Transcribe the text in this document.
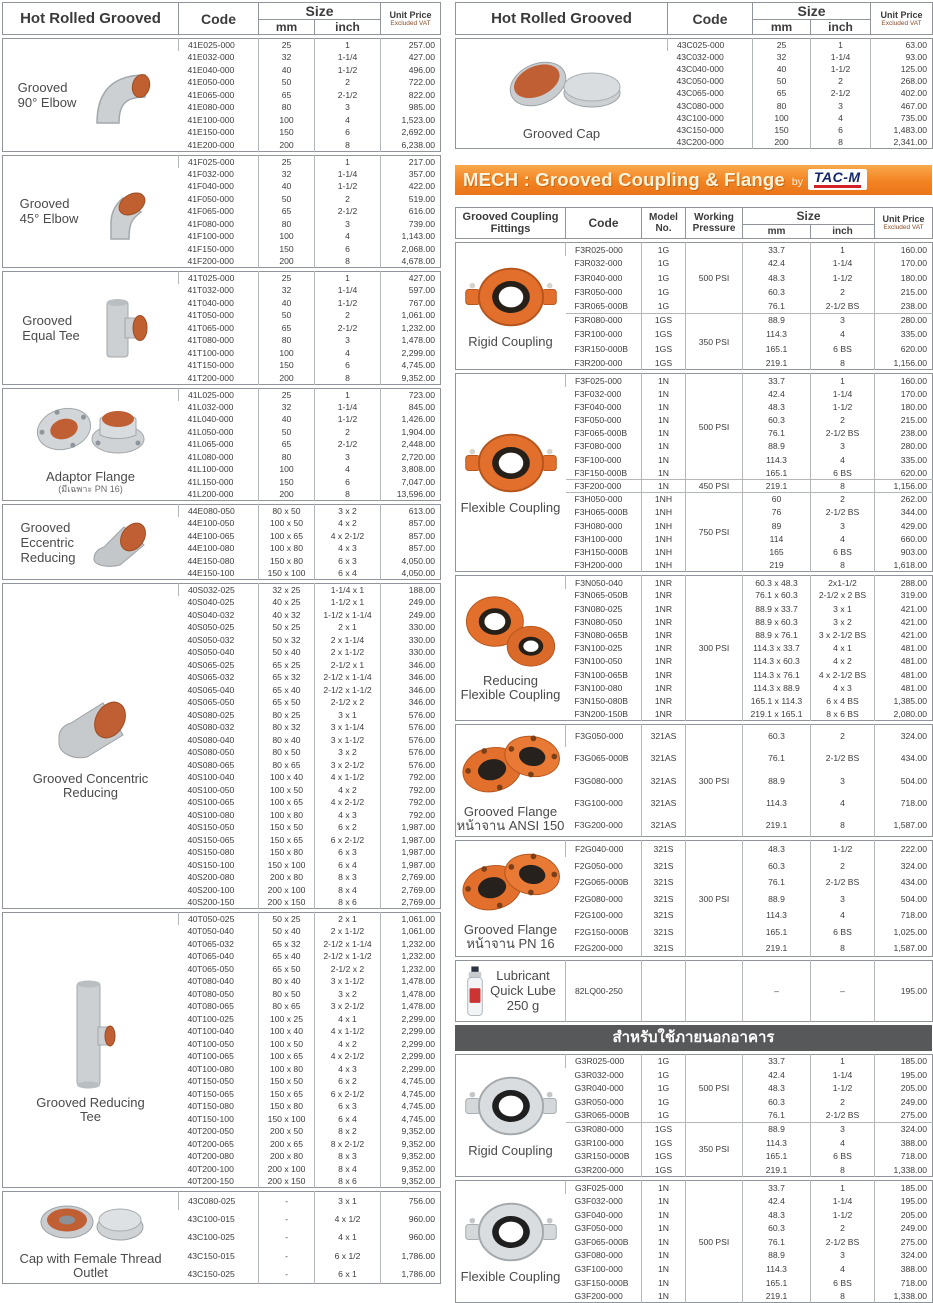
Hot Rolled Grooved	Code	Size		Unit Price
Excluded VAT

		mm	inch	
Grooved
90° Elbow	41E025-000	25	1	257.00
	41E032-000	32	1-1/4	427.00
	41E040-000	40	1-1/2	496.00
	41E050-000	50	2	722.00
	41E065-000	65	2-1/2	822.00
	41E080-000	80	3	985.00
	41E100-000	100	4	1,523.00
	41E150-000	150	6	2,692.00
	41E200-000	200	8	6,238.00
Grooved
45° Elbow	41F025-000	25	1	217.00
	41F032-000	32	1-1/4	357.00
	41F040-000	40	1-1/2	422.00
	41F050-000	50	2	519.00
	41F065-000	65	2-1/2	616.00
	41F080-000	80	3	739.00
	41F100-000	100	4	1,143.00
	41F150-000	150	6	2,068.00
	41F200-000	200	8	4,678.00
Grooved
Equal Tee	41T025-000	25	1	427.00
	41T032-000	32	1-1/4	597.00
	41T040-000	40	1-1/2	767.00
	41T050-000	50	2	1,061.00
	41T065-000	65	2-1/2	1,232.00
	41T080-000	80	3	1,478.00
	41T100-000	100	4	2,299.00
	41T150-000	150	6	4,745.00
	41T200-000	200	8	9,352.00
Adaptor Flange
(มีเฉพาะ PN 16)	41L025-000	25	1	723.00
	41L032-000	32	1-1/4	845.00
	41L040-000	40	1-1/2	1,426.00
	41L050-000	50	2	1,904.00
	41L065-000	65	2-1/2	2,448.00
	41L080-000	80	3	2,720.00
	41L100-000	100	4	3,808.00
	41L150-000	150	6	7,047.00
	41L200-000	200	8	13,596.00
Grooved
Eccentric
Reducing	44E080-050	80 x 50	3 x 2	613.00
	44E100-050	100 x 50	4 x 2	857.00
	44E100-065	100 x 65	4 x 2-1/2	857.00
	44E100-080	100 x 80	4 x 3	857.00
	44E150-080	150 x 80	6 x 3	4,050.00
	44E150-100	150 x 100	6 x 4	4,050.00
Grooved Concentric
Reducing	40S032-025	32 x 25	1-1/4 x 1	188.00
	40S040-025	40 x 25	1-1/2 x 1	249.00
	40S040-032	40 x 32	1-1/2 x 1-1/4	249.00
	40S050-025	50 x 25	2 x 1	330.00
	40S050-032	50 x 32	2 x 1-1/4	330.00
	40S050-040	50 x 40	2 x 1-1/2	330.00
	40S065-025	65 x 25	2-1/2 x 1	346.00
	40S065-032	65 x 32	2-1/2 x 1-1/4	346.00
	40S065-040	65 x 40	2-1/2 x 1-1/2	346.00
	40S065-050	65 x 50	2-1/2 x 2	346.00
	40S080-025	80 x 25	3 x 1	576.00
	40S080-032	80 x 32	3 x 1-1/4	576.00
	40S080-040	80 x 40	3 x 1-1/2	576.00
	40S080-050	80 x 50	3 x 2	576.00
	40S080-065	80 x 65	3 x 2-1/2	576.00
	40S100-040	100 x 40	4 x 1-1/2	792.00
	40S100-050	100 x 50	4 x 2	792.00
	40S100-065	100 x 65	4 x 2-1/2	792.00
	40S100-080	100 x 80	4 x 3	792.00
	40S150-050	150 x 50	6 x 2	1,987.00
	40S150-065	150 x 65	6 x 2-1/2	1,987.00
	40S150-080	150 x 80	6 x 3	1,987.00
	40S150-100	150 x 100	6 x 4	1,987.00
	40S200-080	200 x 80	8 x 3	2,769.00
	40S200-100	200 x 100	8 x 4	2,769.00
	40S200-150	200 x 150	8 x 6	2,769.00
Grooved Reducing
Tee	40T050-025	50 x 25	2 x 1	1,061.00
	40T050-040	50 x 40	2 x 1-1/2	1,061.00
	40T065-032	65 x 32	2-1/2 x 1-1/4	1,232.00
	40T065-040	65 x 40	2-1/2 x 1-1/2	1,232.00
	40T065-050	65 x 50	2-1/2 x 2	1,232.00
	40T080-040	80 x 40	3 x 1-1/2	1,478.00
	40T080-050	80 x 50	3 x 2	1,478.00
	40T080-065	80 x 65	3 x 2-1/2	1,478.00
	40T100-025	100 x 25	4 x 1	2,299.00
	40T100-040	100 x 40	4 x 1-1/2	2,299.00
	40T100-050	100 x 50	4 x 2	2,299.00
	40T100-065	100 x 65	4 x 2-1/2	2,299.00
	40T100-080	100 x 80	4 x 3	2,299.00
	40T150-050	150 x 50	6 x 2	4,745.00
	40T150-065	150 x 65	6 x 2-1/2	4,745.00
	40T150-080	150 x 80	6 x 3	4,745.00
	40T150-100	150 x 100	6 x 4	4,745.00
	40T200-050	200 x 50	8 x 2	9,352.00
	40T200-065	200 x 65	8 x 2-1/2	9,352.00
	40T200-080	200 x 80	8 x 3	9,352.00
	40T200-100	200 x 100	8 x 4	9,352.00
	40T200-150	200 x 150	8 x 6	9,352.00
Cap with Female Thread
Outlet	43C080-025	-	3 x 1	756.00
	43C100-015	-	4 x 1/2	960.00
	43C100-025	-	4 x 1	960.00
	43C150-015	-	6 x 1/2	1,786.00
	43C150-025	-	6 x 1	1,786.00
Hot Rolled Grooved	Code	Size		Unit Price
Excluded VAT

		mm	inch	
Grooved Cap	43C025-000	25	1	63.00
	43C032-000	32	1-1/4	93.00
	43C040-000	40	1-1/2	125.00
	43C050-000	50	2	268.00
	43C065-000	65	2-1/2	402.00
	43C080-000	80	3	467.00
	43C100-000	100	4	735.00
	43C150-000	150	6	1,483.00
	43C200-000	200	8	2,341.00
MECH : Grooved Coupling & Flange by TAC-M
Grooved Coupling Fittings	Code	Model No.	Working Pressure	Size		Unit Price
Excluded VAT

				mm	inch	
Rigid Coupling	F3R025-000	1G	500 PSI	33.7	1	160.00
	F3R032-000	1G		42.4	1-1/4	170.00
	F3R040-000	1G		48.3	1-1/2	180.00
	F3R050-000	1G		60.3	2	215.00
	F3R065-000B	1G		76.1	2-1/2 BS	238.00
	F3R080-000	1GS	350 PSI	88.9	3	280.00
	F3R100-000	1GS		114.3	4	335.00
	F3R150-000B	1GS		165.1	6 BS	620.00
	F3R200-000	1GS		219.1	8	1,156.00
Flexible Coupling	F3F025-000	1N	500 PSI	33.7	1	160.00
	F3F032-000	1N		42.4	1-1/4	170.00
	F3F040-000	1N		48.3	1-1/2	180.00
	F3F050-000	1N		60.3	2	215.00
	F3F065-000B	1N		76.1	2-1/2 BS	238.00
	F3F080-000	1N		88.9	3	280.00
	F3F100-000	1N		114.3	4	335.00
	F3F150-000B	1N		165.1	6 BS	620.00
	F3F200-000	1N	450 PSI	219.1	8	1,156.00
	F3H050-000	1NH	750 PSI	60	2	262.00
	F3H065-000B	1NH		76	2-1/2 BS	344.00
	F3H080-000	1NH		89	3	429.00
	F3H100-000	1NH		114	4	660.00
	F3H150-000B	1NH		165	6 BS	903.00
	F3H200-000	1NH		219	8	1,618.00
Reducing
Flexible Coupling	F3N050-040	1NR	300 PSI	60.3 x 48.3	2x1-1/2	288.00
	F3N065-050B	1NR		76.1 x 60.3	2-1/2 x 2 BS	319.00
	F3N080-025	1NR		88.9 x 33.7	3 x 1	421.00
	F3N080-050	1NR		88.9 x 60.3	3 x 2	421.00
	F3N080-065B	1NR		88.9 x 76.1	3 x 2-1/2 BS	421.00
	F3N100-025	1NR		114.3 x 33.7	4 x 1	481.00
	F3N100-050	1NR		114.3 x 60.3	4 x 2	481.00
	F3N100-065B	1NR		114.3 x 76.1	4 x 2-1/2 BS	481.00
	F3N100-080	1NR		114.3 x 88.9	4 x 3	481.00
	F3N150-080B	1NR		165.1 x 114.3	6 x 4 BS	1,385.00
	F3N200-150B	1NR		219.1 x 165.1	8 x 6 BS	2,080.00
Grooved Flange
หน้าจาน ANSI 150	F3G050-000	321AS	300 PSI	60.3	2	324.00
	F3G065-000B	321AS		76.1	2-1/2 BS	434.00
	F3G080-000	321AS		88.9	3	504.00
	F3G100-000	321AS		114.3	4	718.00
	F3G200-000	321AS		219.1	8	1,587.00
Grooved Flange
หน้าจาน PN 16	F2G040-000	321S	300 PSI	48.3	1-1/2	222.00
	F2G050-000	321S		60.3	2	324.00
	F2G065-000B	321S		76.1	2-1/2 BS	434.00
	F2G080-000	321S		88.9	3	504.00
	F2G100-000	321S		114.3	4	718.00
	F2G150-000B	321S		165.1	6 BS	1,025.00
	F2G200-000	321S		219.1	8	1,587.00
Lubricant
Quick Lube
250 g
	82LQ00-250			–	–	195.00
สำหรับใช้ภายนอกอาคาร
Rigid Coupling	G3R025-000	1G	500 PSI	33.7	1	185.00
	G3R032-000	1G		42.4	1-1/4	195.00
	G3R040-000	1G		48.3	1-1/2	205.00
	G3R050-000	1G		60.3	2	249.00
	G3R065-000B	1G		76.1	2-1/2 BS	275.00
	G3R080-000	1GS	350 PSI	88.9	3	324.00
	G3R100-000	1GS		114.3	4	388.00
	G3R150-000B	1GS		165.1	6 BS	718.00
	G3R200-000	1GS		219.1	8	1,338.00
Flexible Coupling	G3F025-000	1N	500 PSI	33.7	1	185.00
	G3F032-000	1N		42.4	1-1/4	195.00
	G3F040-000	1N		48.3	1-1/2	205.00
	G3F050-000	1N		60.3	2	249.00
	G3F065-000B	1N		76.1	2-1/2 BS	275.00
	G3F080-000	1N		88.9	3	324.00
	G3F100-000	1N		114.3	4	388.00
	G3F150-000B	1N		165.1	6 BS	718.00
	G3F200-000	1N		219.1	8	1,338.00
